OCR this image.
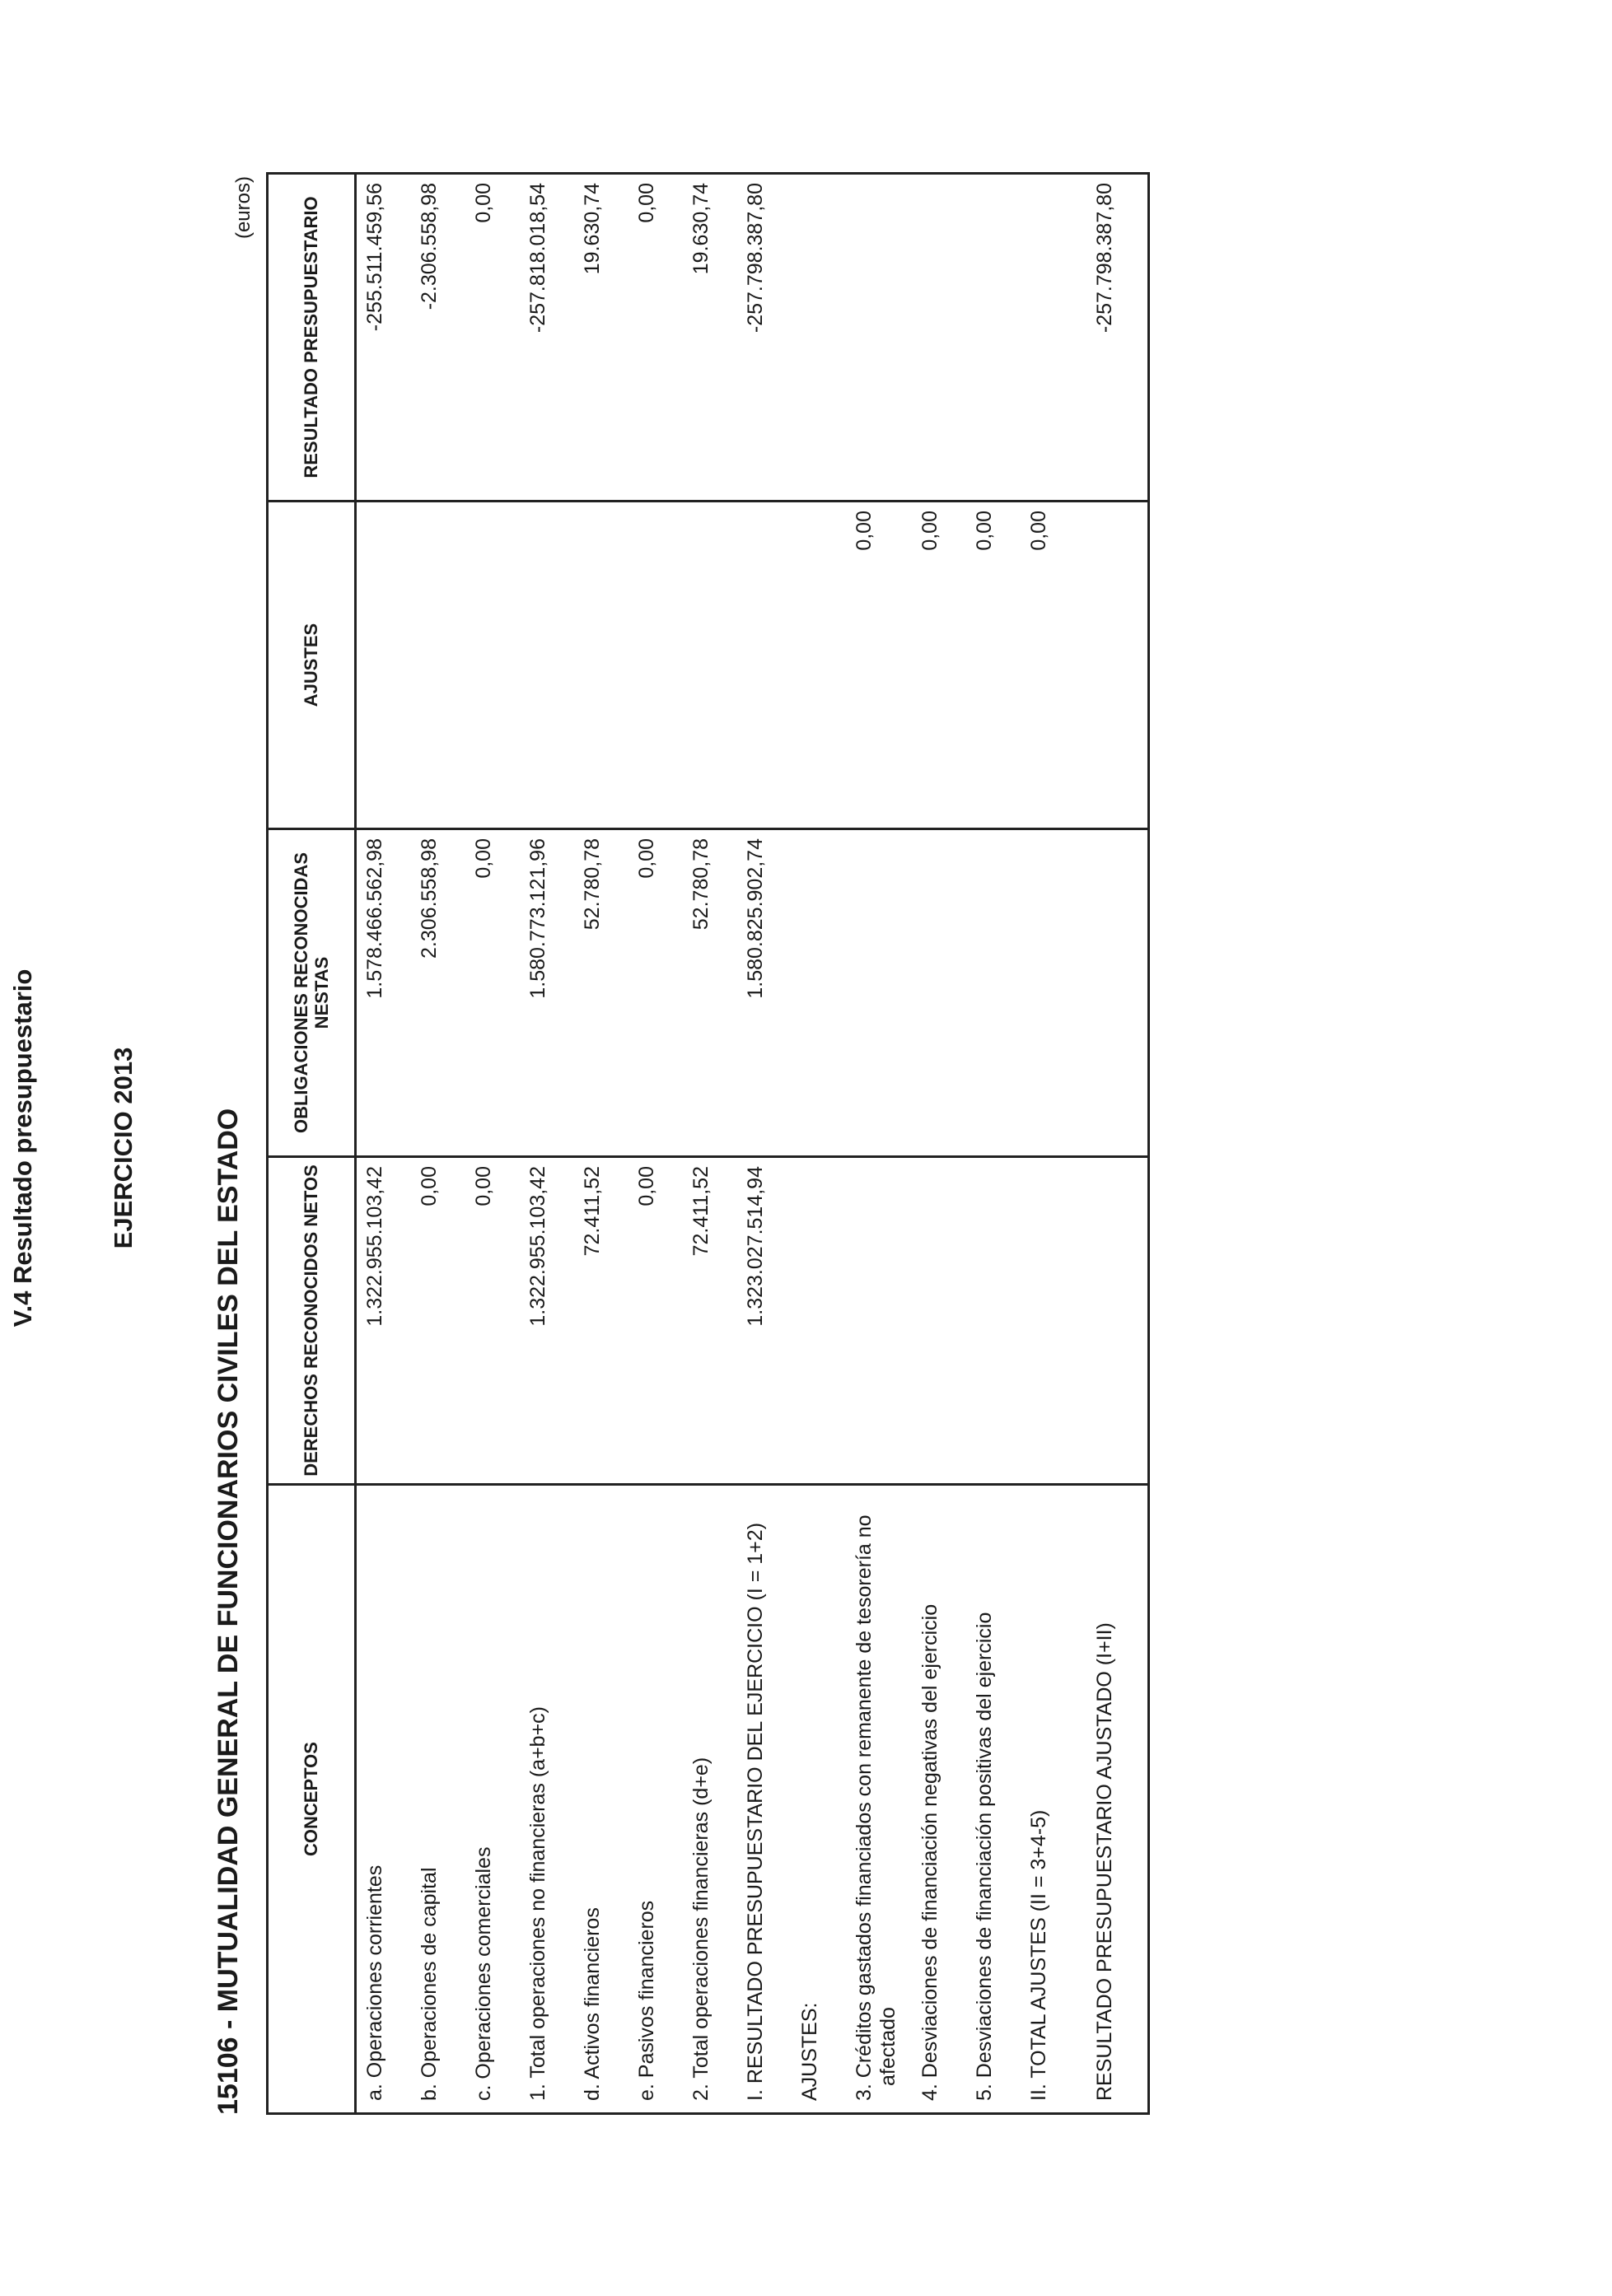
V.4 Resultado presupuestario	EJERCICIO 2013	15106 - MUTUALIDAD GENERAL DE FUNCIONARIOS CIVILES DEL ESTADO
(euros)
CONCEPTOS	DERECHOS RECONOCIDOS NETOS	OBLIGACIONES RECONOCIDAS NESTAS	AJUSTES	RESULTADO PRESUPUESTARIO
a. Operaciones corrientes	1.322.955.103,42	1.578.466.562,98		-255.511.459,56
b. Operaciones de capital	0,00	2.306.558,98		-2.306.558,98
c. Operaciones comerciales	0,00	0,00		0,00
1. Total operaciones no financieras (a+b+c)	1.322.955.103,42	1.580.773.121,96		-257.818.018,54
d. Activos financieros	72.411,52	52.780,78		19.630,74
e. Pasivos financieros	0,00	0,00		0,00
2. Total operaciones financieras (d+e)	72.411,52	52.780,78		19.630,74
I. RESULTADO PRESUPUESTARIO DEL EJERCICIO (I = 1+2)	1.323.027.514,94	1.580.825.902,74		-257.798.387,80
AJUSTES:				
3. Créditos gastados financiados con remanente de tesorería no afectado			0,00	
4. Desviaciones de financiación negativas del ejercicio			0,00	
5. Desviaciones de financiación positivas del ejercicio			0,00	
II. TOTAL AJUSTES (II = 3+4-5)			0,00	
RESULTADO PRESUPUESTARIO AJUSTADO (I+II)				-257.798.387,80
